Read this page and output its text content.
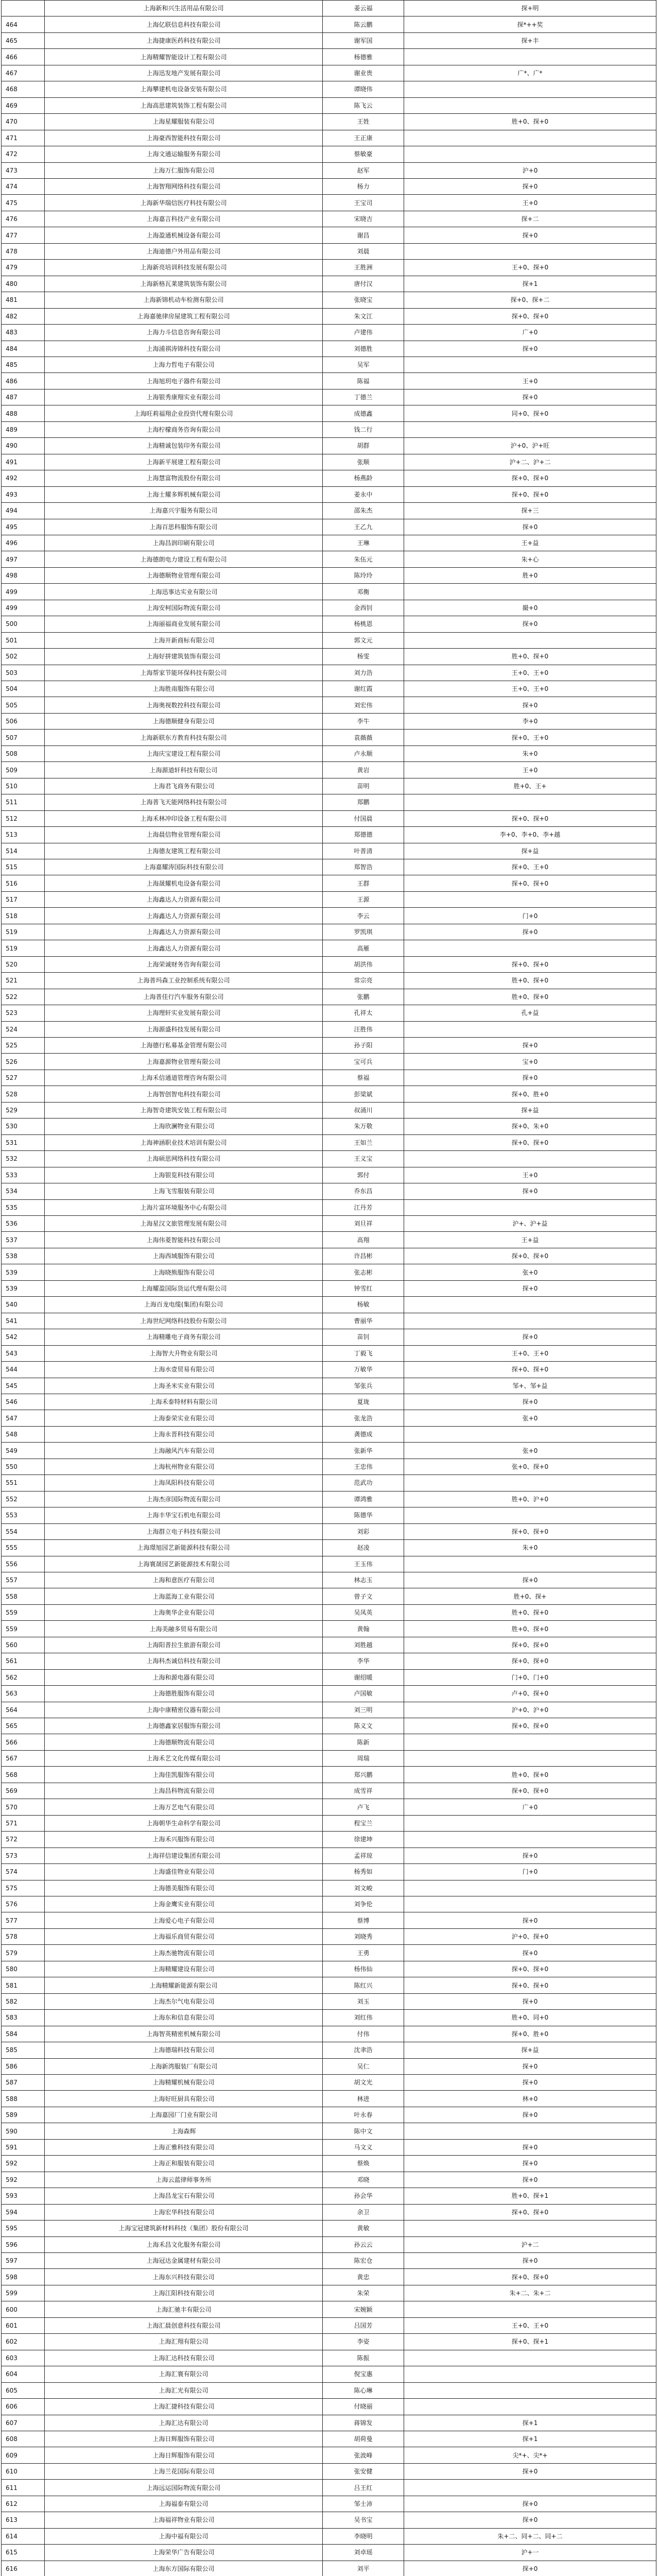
	上海新和兴生活用品有限公司	姜云福	探+明
464	上海亿联信息科技有限公司	陈云鹏	探*++奖
465	上海捷康医药科技有限公司	谢军国	探+丰
466	上海精耀智能设计工程有限公司	杨德雅	
467	上海迅发地产发展有限公司	谢业贵	广*、广*
468	上海攀建机电设备安装有限公司	谭晓伟	
469	上海高思建筑装饰工程有限公司	陈飞云	
470	上海星耀服装有限公司	王姓	胜+0、探+0
471	上海豪西智能科技有限公司	王正康	
472	上海文通运输服务有限公司	蔡敏豪	
473	上海万仁服饰有限公司	赵军	沪+0
474	上海智翔网络科技有限公司	杨力	探+0
475	上海新华瑞信医疗科技有限公司	王宝司	王+0
476	上海嘉言科技产业有限公司	宋晓吉	探+二
477	上海盈通机械设备有限公司	谢昌	探+0
478	上海迪德户外用品有限公司	刘晨	
479	上海新亮培训科技发展有限公司	王胜洲	王+0、探+0
480	上海新格瓦莱建筑装饰有限公司	唐付汉	探+1
481	上海新锦机动车检测有限公司	张晓宝	探+0、探+二
482	上海嘉驰律房屋建筑工程有限公司	朱文江	探+0、探+0
483	上海力斗信息咨询有限公司	卢建伟	广+0
484	上海浦祺涛锦科技有限公司	刘德胜	探+0
485	上海力哲电子有限公司	吴军	
486	上海旭玥电子器件有限公司	陈福	王+0
487	上海银秀康翔实业有限公司	丁德兰	探+0
488	上海旺莉福翔企业投资代理有限公司	成德鑫	同+0、探+0
489	上海柠檬商务咨询有限公司	钱二行	
490	上海精诚包装印务有限公司	胡群	沪+0、沪+旺
491	上海新平展建工程有限公司	张顺	沪+二、沪+二
492	上海慧富物流股份有限公司	杨燕龄	探+0、探+0
493	上海士耀多辉机械有限公司	姜永中	探+0、探+0
494	上海嘉兴宇服务有限公司	邵朱杰	探+三
495	上海百思科服饰有限公司	王乙九	探+0
496	上海昌润印刷有限公司	王琳	王+益
497	上海德朗电力建设工程有限公司	朱伍元	朱+心
498	上海德顺物业管理有限公司	陈玲玲	胜+0
499	上海迅事达实业有限公司	邓衡	
499	上海安柯国际物流有限公司	金西钊	撮+0
500	上海丽福商业发展有限公司	杨桃恩	探+0
501	上海开新商标有限公司	郭文元	
502	上海好拼建筑装饰有限公司	杨雯	胜+0、探+0
503	上海帮家节能环保科技有限公司	刘力浩	王+0、王+0
504	上海胜南服饰有限公司	谢红霞	王+0、王+0
505	上海奥视数控科技有限公司	刘宏伟	探+0
506	上海德顺健身有限公司	李牛	李+0
507	上海新联东方教育科技有限公司	袁薇薇	探+0、王+0
508	上海庆宝建设工程有限公司	卢永顺	朱+0
509	上海源道轩科技有限公司	黄岩	王+0
510	上海君飞商务有限公司	苗明	胜+0、王+
511	上海普飞天能网络科技有限公司	郑鹏	
512	上海禾林冲印设备工程有限公司	付国晨	探+0、探+0
513	上海晨信物业管理有限公司	郑德德	李+0、李+0、李+越
514	上海德友建筑工程有限公司	叶普清	探+益
515	上海嘉耀涛国际科技有限公司	郑智浩	探+0、王+0
516	上海晟耀机电设备有限公司	王群	探+0、探+0
517	上海鑫达人力资源有限公司	王源	
518	上海鑫达人力资源有限公司	李云	门+0
519	上海鑫达人力资源有限公司	罗凯琪	探+0
519	上海鑫达人力资源有限公司	高雁	
520	上海荣诚财务咨询有限公司	胡洪伟	探+0、探+0
521	上海普玛森工业控制系统有限公司	常宗亮	胜+0、探+0
522	上海普佳行汽车服务有限公司	张鹏	胜+0、探+0
523	上海理轩实业发展有限公司	孔祥太	孔+益
524	上海源盛科技发展有限公司	汪胜伟	
525	上海德行私募基金管理有限公司	孙子阳	探+0
526	上海嘉源物业管理有限公司	宝可兵	宝+0
527	上海禾信通道管理咨询有限公司	蔡福	探+0
528	上海智创智电科技有限公司	彭梁斌	探+0、胜+0
529	上海智奇建筑安装工程有限公司	叔涌川	探+益
530	上海欣澜物业有限公司	朱万敬	探+0、朱+0
531	上海神涵职业技术培训有限公司	王如兰	探+0、探+0
532	上海硕思网络科技有限公司	王义宝	
533	上海银览科技有限公司	郭付	王+0
534	上海飞雪服装有限公司	乔东昌	探+0
535	上海片富环境服务中心有限公司	江丹芳	
536	上海星汉文旅管理发展有限公司	刘旦祥	沪+、沪+益
537	上海伟菱智能科技有限公司	高翔	王+益
538	上海西域服饰有限公司	许昌彬	探+0、探+0
539	上海晓熊服饰有限公司	张志彬	张+0
539	上海耀盈国际货运代理有限公司	钟雪红	探+0
540	上海百龙电缆(集团)有限公司	杨敏	
541	上海世纪网络科技股份有限公司	曹丽华	
542	上海精雕电子商务有限公司	苗钊	探+0
543	上海智大升物业有限公司	丁毅飞	王+0、王+0
544	上海水壹贸易有限公司	万敏华	探+0、探+0
545	上海圣米实业有限公司	邹张兵	邹+、邹+益
546	上海禾泰特材料有限公司	夏珑	探+0
547	上海泰荣实业有限公司	张龙浩	张+0
548	上海永晋科技有限公司	龚德成	
549	上海融风汽车有限公司	张新华	张+0
550	上海杭州物业有限公司	王忠伟	张+0、探+0
551	上海凤阳科技有限公司	范武功	
552	上海杰彦国际物流有限公司	谭鸿雅	胜+0、沪+0
553	上海丰华宝石机电有限公司	陈德华	
554	上海群立电子科技有限公司	刘彩	探+0、探+0
555	上海璟旭园艺新能源科技有限公司	赵凌	朱+0
556	上海寰晟园艺新能源技术有限公司	王玉伟	
557	上海和意医疗有限公司	林志玉	探+0
558	上海蓝海工业有限公司	曾子文	胜+0、探+
559	上海奥华企业有限公司	吴凤英	胜+0、探+0
559	上海美融多贸易有限公司	黄翰	胜+0、探+0
560	上海阳普拉生旅游有限公司	刘胜越	探+0、探+0
561	上海科杰诚信科技有限公司	李华	探+0、探+0
562	上海和源电器有限公司	谢绍暖	门+0、门+0
563	上海德胜服饰有限公司	卢国敏	卢+0、探+0
564	上海中康精密仪器有限公司	刘三明	沪+0、沪+0
565	上海德鑫家居服饰有限公司	陈义文	探+0、探+0
566	上海德顺物流有限公司	陈新	
567	上海禾艺文化传媒有限公司	周瑞	
568	上海佳凯服饰有限公司	郑兴鹏	胜+0、探+0
569	上海昌科物流有限公司	成雪祥	探+0、探+0
570	上海万艺电气有限公司	卢飞	广+0
571	上海朝华生命科学有限公司	程宝兰	
572	上海禾兴服饰有限公司	徐建坤	
573	上海祥信建设集团有限公司	孟祥琼	探+0
574	上海盛佳物业有限公司	杨秀如	门+0
575	上海德美服饰有限公司	刘文峻	
576	上海金鹰实业有限公司	刘争伦	
577	上海爱心电子有限公司	蔡博	探+0
578	上海福乐商贸有限公司	刘晓秀	沪+0、探+0
579	上海杰驰物流有限公司	王勇	探+0
580	上海精耀建设有限公司	杨伟仙	探+0、探+0
581	上海精耀新能源有限公司	陈红兴	探+0、探+0
582	上海杰尔气电有限公司	刘玉	探+0
583	上海东和信息有限公司	刘红伟	胜+0、同+0
584	上海智英精密机械有限公司	付伟	探+0、胜+0
585	上海德瑞科技有限公司	沈聿浩	探+益
586	上海新湾服装厂有限公司	吴仁	探+0
587	上海精耀机械有限公司	胡文光	探+0
588	上海好旺厨具有限公司	林进	林+0
589	上海嘉园厂门业有限公司	叶永春	探+0
590	上海森辉	陈中文	
591	上海正雅科技有限公司	马文义	探+0
592	上海正和服装有限公司	蔡焕	探+0
592	上海云蓝律师事务所	邓晓	探+0
593	上海昌龙宝石有限公司	孙会华	胜+0、探+1
594	上海宏华科技有限公司	余卫	探+0、探+0
595	上海宝冠建筑新材料科技（集团）股份有限公司	黄敏	
596	上海禾昌文化服务有限公司	孙云云	沪+二
597	上海冠达金属建材有限公司	陈宏仓	探+0
598	上海东兴科技有限公司	黄忠	探+0、探+0
599	上海江阳科技有限公司	朱荣	朱+二、朱+二
600	上海汇驰丰有限公司	宋婉颖	
601	上海汇晨创意科技有限公司	吕国芳	王+0、王+0
602	上海汇翔有限公司	李姿	探+0、探+1
603	上海汇达科技有限公司	陈振	
604	上海汇寰有限公司	倪宝惠	
605	上海汇光有限公司	陈心琳	
606	上海汇捷科技有限公司	付晓丽	
607	上海汇达有限公司	蒋锦发	探+1
608	上海日辉服饰有限公司	胡荷曼	探+1
609	上海日辉服饰有限公司	张波峰	尖*+、尖*+
610	上海兰花国际有限公司	张安健	探+0
611	上海远运国际物流有限公司	吕王红	
612	上海福泰有限公司	邹士沛	探+0
613	上海福祥物业有限公司	吴书宝	探+0
614	上海中福有限公司	李晓明	朱+二、同+二、同+二
615	上海荣华广告有限公司	刘卓瑶	沪+一
616	上海东方国际有限公司	刘平	探+0
